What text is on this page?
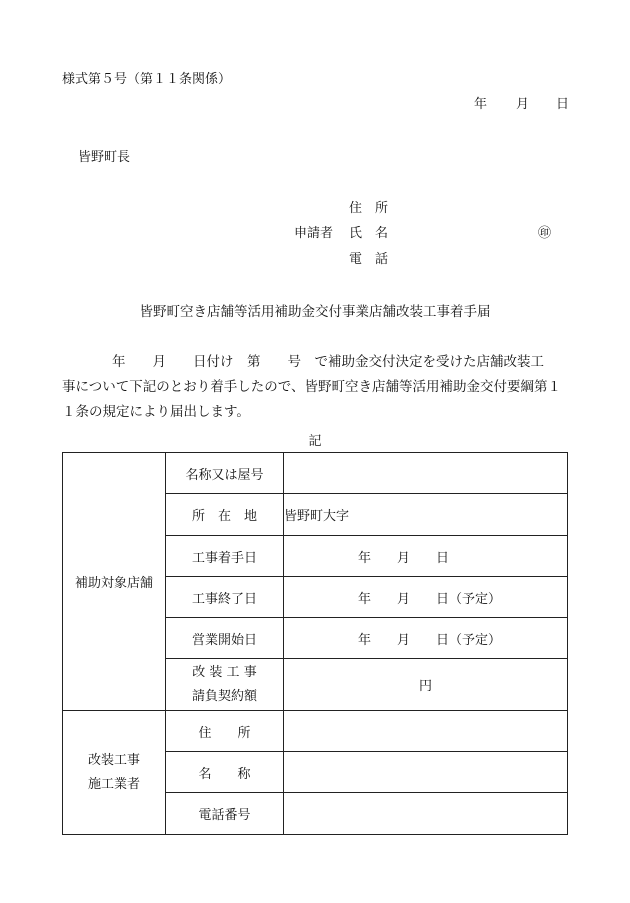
様式第５号（第１１条関係）
年 月 日
皆野町長
住　所
申請者 氏　名	㊞
電　話
皆野町空き店舗等活用補助金交付事業店舗改装工事着手届
年　　月　　日付け　第　　号　で補助金交付決定を受けた店舗改装工
事について下記のとおり着手したので、皆野町空き店舗等活用補助金交付要綱第１
１条の規定により届出します。
記
補助対象店舗	名称又は屋号	
	所　在　地	皆野町大字
	工事着手日	年　　月　　日
	工事終了日	年　　月　　日（予定）
	営業開始日	年　　月　　日（予定）

	改 装 工 事
請負契約額	円

改装工事
施工業者	住　　所	
	名　　称	
	電話番号	
